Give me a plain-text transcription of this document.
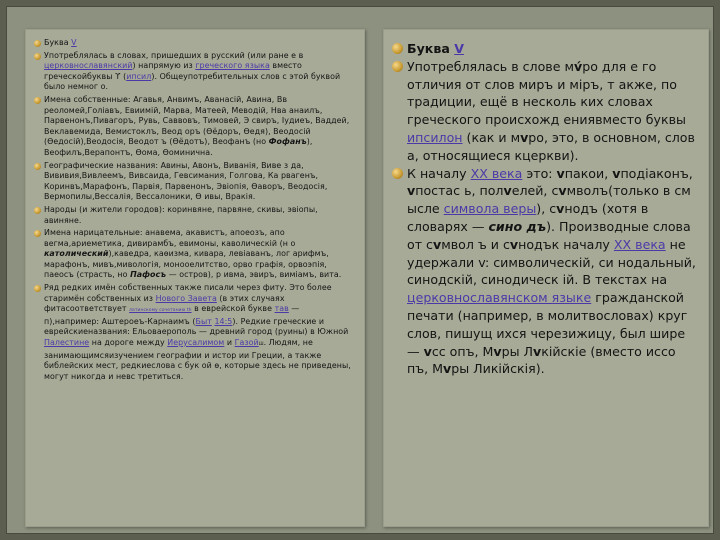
Буква V
Употреблялась в словах, пришедших в русский (или ране е в церковнославянский) напрямую из греческого языка вместо греческойбуквы ϒ (ипсил). Общеупотребительных слов с этой буквой было немног о.
Имена собственные: Агавья, Анвимъ, Аванасій, Авина, Вв реоломей,Голіавъ, Евиимій, Марва, Матеей, Меводій, Нва анаилъ, Парвенонъ,Пивагоръ, Рувь, Саввовъ, Тимовей, Э свиръ, Іудиеъ, Ваддей, Веклавемида, Вемистоклъ, Веод оръ (Өёдоръ, Өедя), Веодосій (Өедосій),Веодосія, Веодот ъ (Өёдотъ), Веофанъ (но Фофанъ), Веофилъ,Верапонтъ, Өома, Өоминична.
Географические названия: Авины, Авонъ, Виванія, Виве з да, Вививия,Вивлеемъ, Вивсаида, Гевсимания, Голгова, Ка рвагенъ, Коринвъ,Марафонъ, Парвія, Парвенонъ, Эвіопія, Өаворъ, Веодосія, Вермопилы,Вессалія, Вессалоники, Ө ивы, Вракія.
Народы (и жители городов): коринвяне, парвяне, скивы, эвіопы, авиняне.
Имена нарицательные: анавема, акавистъ, апоеозъ, апо вегма,ариеметика, дивирамбъ, евимоны, каволическій (н о католический),каведра, каѳизма, кивара, левіаванъ, лог арифмъ, марафонъ, мивъ,мивологія, монооелитство, орво графія, орвоэпія, паеосъ (страсть, но Пафосъ — остров), р ивма, эвиръ, вимiамъ, вита.
Ряд редких имён собственных также писали через фиту. Это более старимён собственных из Нового Завета (в этих случаях фитасоответствует латинскому сочетанию th в еврейской букве тав — п),например: Аштероеъ-Карнаимъ (Быт 14:5). Редкие греческие и еврейскиеназвания: Ельоваерополь — древний город (руины) в Южной Палестине на дороге между Иерусалимом и ГазойШ. Людям, не занимающимсяизучением географии и истор ии Греции, а также библейских мест, редкиеслова с бук ой ѳ, которые здесь не приведены, могут никогда и невс третиться.
Буква V
Употреблялась в слове мv́ро для е го отличия от слов миръ и міръ, т акже, по традиции, ещё в несколь ких словах греческого происхожд ениявместо буквы ипсилон (как и мvро, это, в основном, слов а, относящиеся кцеркви).
К началу XX века это: vпакои, vподіаконъ, vпостас ь, полvелей, сvмволъ(только в см ысле символа веры), сvнодъ (хотя в словарях — сино дъ). Производные слова от сvмвол ъ и сvнодък началу XX века не удержали v: символическій, си нодальный, синодскій, синодическ ій. В текстах на церковнославянском языке гражданской печати (например, в молитвословах) круг слов, пишущ ихся черезижицу, был шире — vсс опъ, Мvры Лvкійскіе (вместо иссо пъ, Мvры Ликійскія).
